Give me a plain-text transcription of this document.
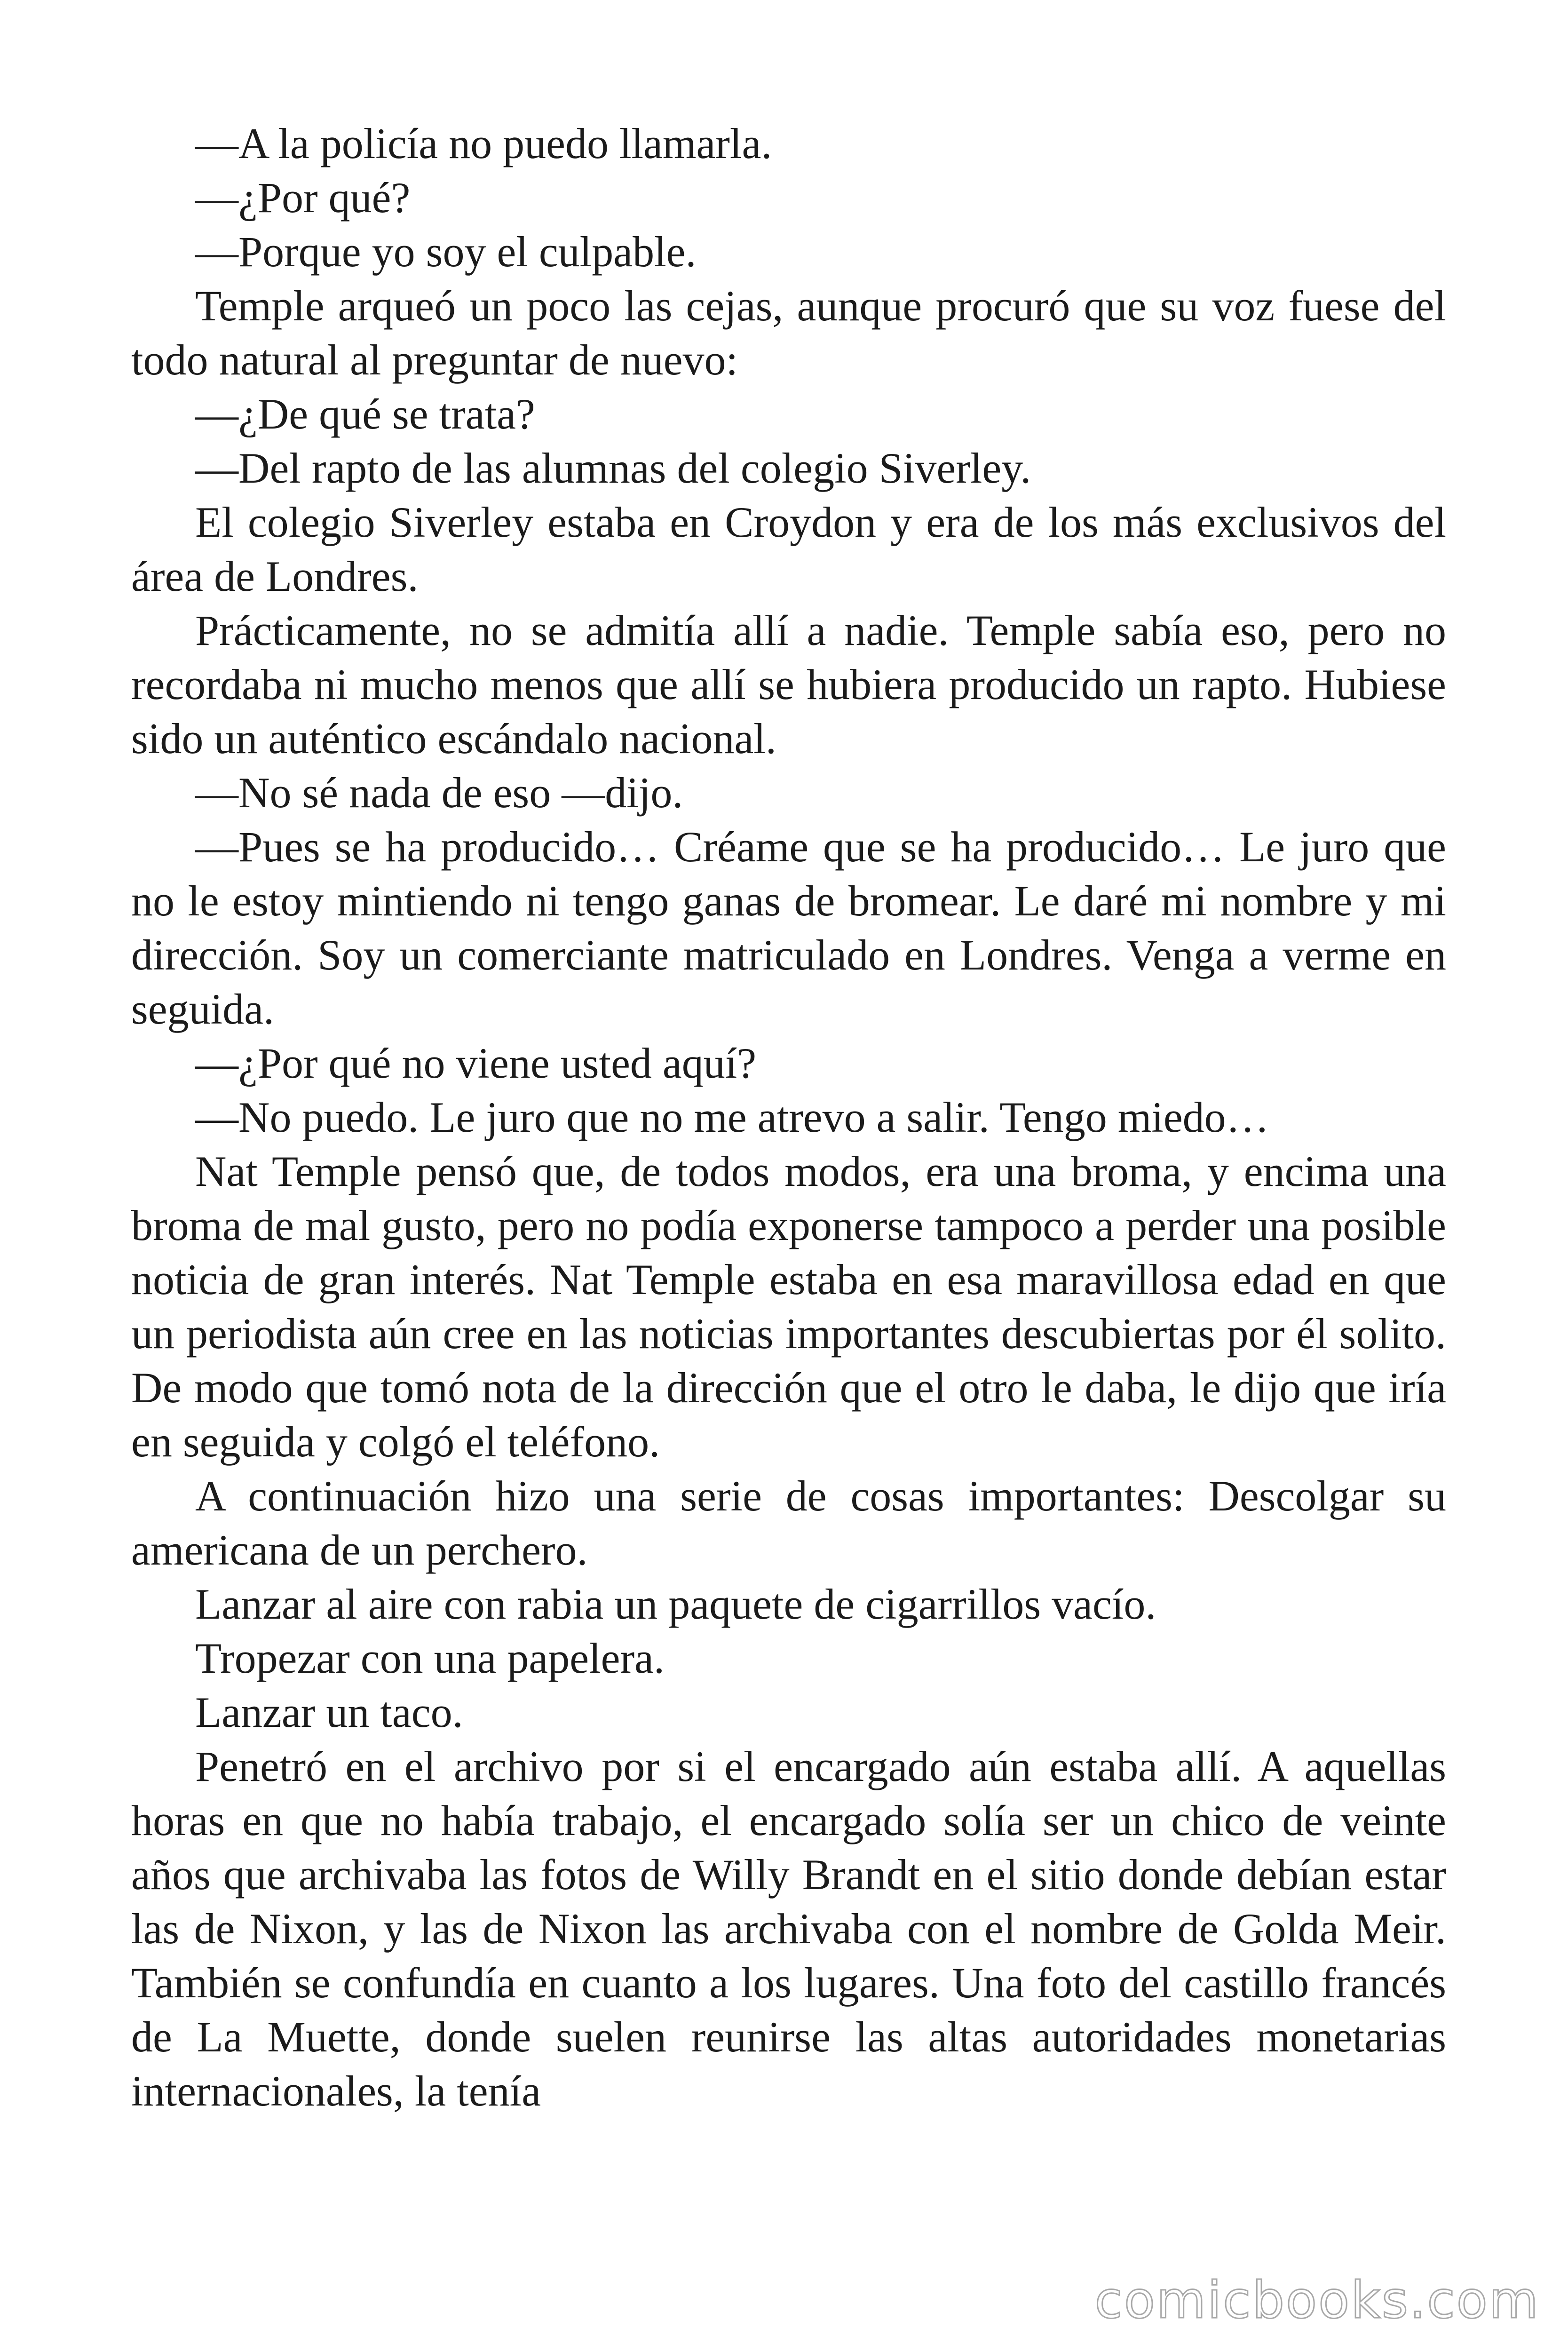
—A la policía no puedo llamarla.

—¿Por qué?

—Porque yo soy el culpable.

Temple arqueó un poco las cejas, aunque procuró que su voz fuese del todo natural al preguntar de nuevo:

—¿De qué se trata?

—Del rapto de las alumnas del colegio Siverley.

El colegio Siverley estaba en Croydon y era de los más exclusivos del área de Londres.

Prácticamente, no se admitía allí a nadie. Temple sabía eso, pero no recordaba ni mucho menos que allí se hubiera producido un rapto. Hubiese sido un auténtico escándalo nacional.

—No sé nada de eso —dijo.

—Pues se ha producido… Créame que se ha producido… Le juro que no le estoy mintiendo ni tengo ganas de bromear. Le daré mi nombre y mi dirección. Soy un comerciante matriculado en Londres. Venga a verme en seguida.

—¿Por qué no viene usted aquí?

—No puedo. Le juro que no me atrevo a salir. Tengo miedo…

Nat Temple pensó que, de todos modos, era una broma, y encima una broma de mal gusto, pero no podía exponerse tampoco a perder una posible noticia de gran interés. Nat Temple estaba en esa maravillosa edad en que un periodista aún cree en las noticias importantes descubiertas por él solito. De modo que tomó nota de la dirección que el otro le daba, le dijo que iría en seguida y colgó el teléfono.

A continuación hizo una serie de cosas importantes: Descolgar su americana de un perchero.

Lanzar al aire con rabia un paquete de cigarrillos vacío.

Tropezar con una papelera.

Lanzar un taco.

Penetró en el archivo por si el encargado aún estaba allí. A aquellas horas en que no había trabajo, el encargado solía ser un chico de veinte años que archivaba las fotos de Willy Brandt en el sitio donde debían estar las de Nixon, y las de Nixon las archivaba con el nombre de Golda Meir. También se confundía en cuanto a los lugares. Una foto del castillo francés de La Muette, donde suelen reunirse las altas autoridades monetarias internacionales, la tenía

comicbooks.com
